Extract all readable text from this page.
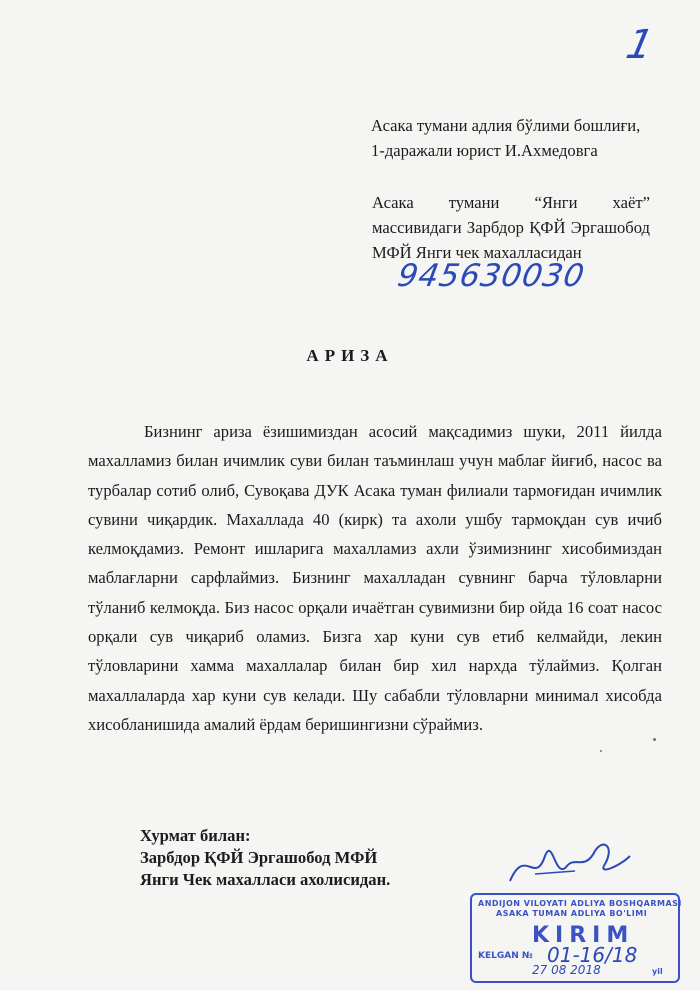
1
Асака тумани адлия бўлими бошлиғи,
1-даражали юрист И.Ахмедовга
Асака тумани “Янги хаёт”
массивидаги Зарбдор ҚФЙ Эргашобод
МФЙ Янги чек махалласидан
945630030
АРИЗА
Бизнинг ариза ёзишимиздан асосий мақсадимиз шуки, 2011 йилда махалламиз билан ичимлик суви билан таъминлаш учун маблағ йиғиб, насос ва турбалар сотиб олиб, Сувоқава ДУК Асака туман филиали тармоғидан ичимлик сувини чиқардик. Махаллада 40 (кирк) та ахоли ушбу тармоқдан сув ичиб келмоқдамиз. Ремонт ишларига махалламиз ахли ўзимизнинг хисобимиздан маблағларни сарфлаймиз. Бизнинг махалладан сувнинг барча тўловларни тўланиб келмоқда. Биз насос орқали ичаётган сувимизни бир ойда 16 соат насос орқали сув чиқариб оламиз. Бизга хар куни сув етиб келмайди, лекин тўловларини хамма махаллалар билан бир хил нархда тўлаймиз. Қолган махаллаларда хар куни сув келади. Шу сабабли тўловларни минимал хисобда хисобланишида амалий ёрдам беришингизни сўраймиз.
Хурмат билан:
Зарбдор ҚФЙ Эргашобод МФЙ
Янги Чек махалласи ахолисидан.
ANDIJON VILOYATI ADLIYA BOSHQARMASI
ASAKA TUMAN ADLIYA BO'LIMI
KIRIM
KELGAN № 01-16/18
27 08 2018	yil
